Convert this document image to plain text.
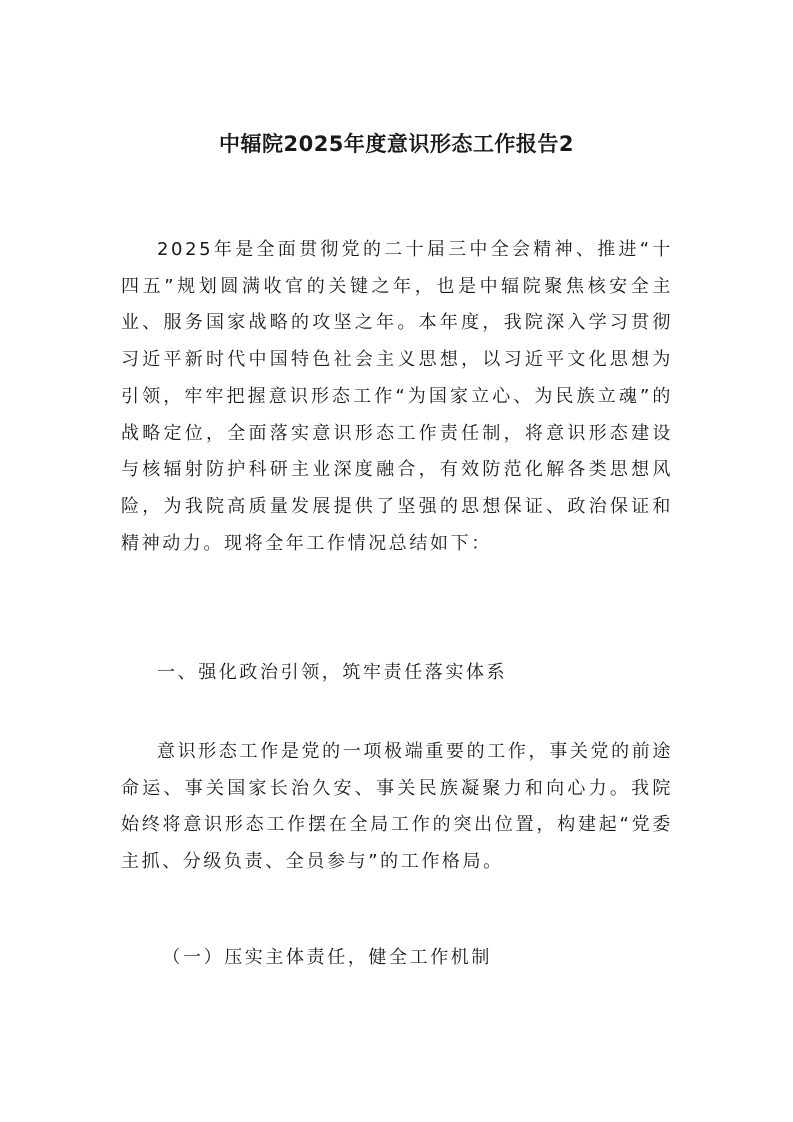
中辐院2025年度意识形态工作报告2

2025年是全面贯彻党的二十届三中全会精神、推进“十四五”规划圆满收官的关键之年，也是中辐院聚焦核安全主业、服务国家战略的攻坚之年。本年度，我院深入学习贯彻习近平新时代中国特色社会主义思想，以习近平文化思想为引领，牢牢把握意识形态工作“为国家立心、为民族立魂”的战略定位，全面落实意识形态工作责任制，将意识形态建设与核辐射防护科研主业深度融合，有效防范化解各类思想风险，为我院高质量发展提供了坚强的思想保证、政治保证和精神动力。现将全年工作情况总结如下：

一、强化政治引领，筑牢责任落实体系

意识形态工作是党的一项极端重要的工作，事关党的前途命运、事关国家长治久安、事关民族凝聚力和向心力。我院始终将意识形态工作摆在全局工作的突出位置，构建起“党委主抓、分级负责、全员参与”的工作格局。

（一）压实主体责任，健全工作机制
